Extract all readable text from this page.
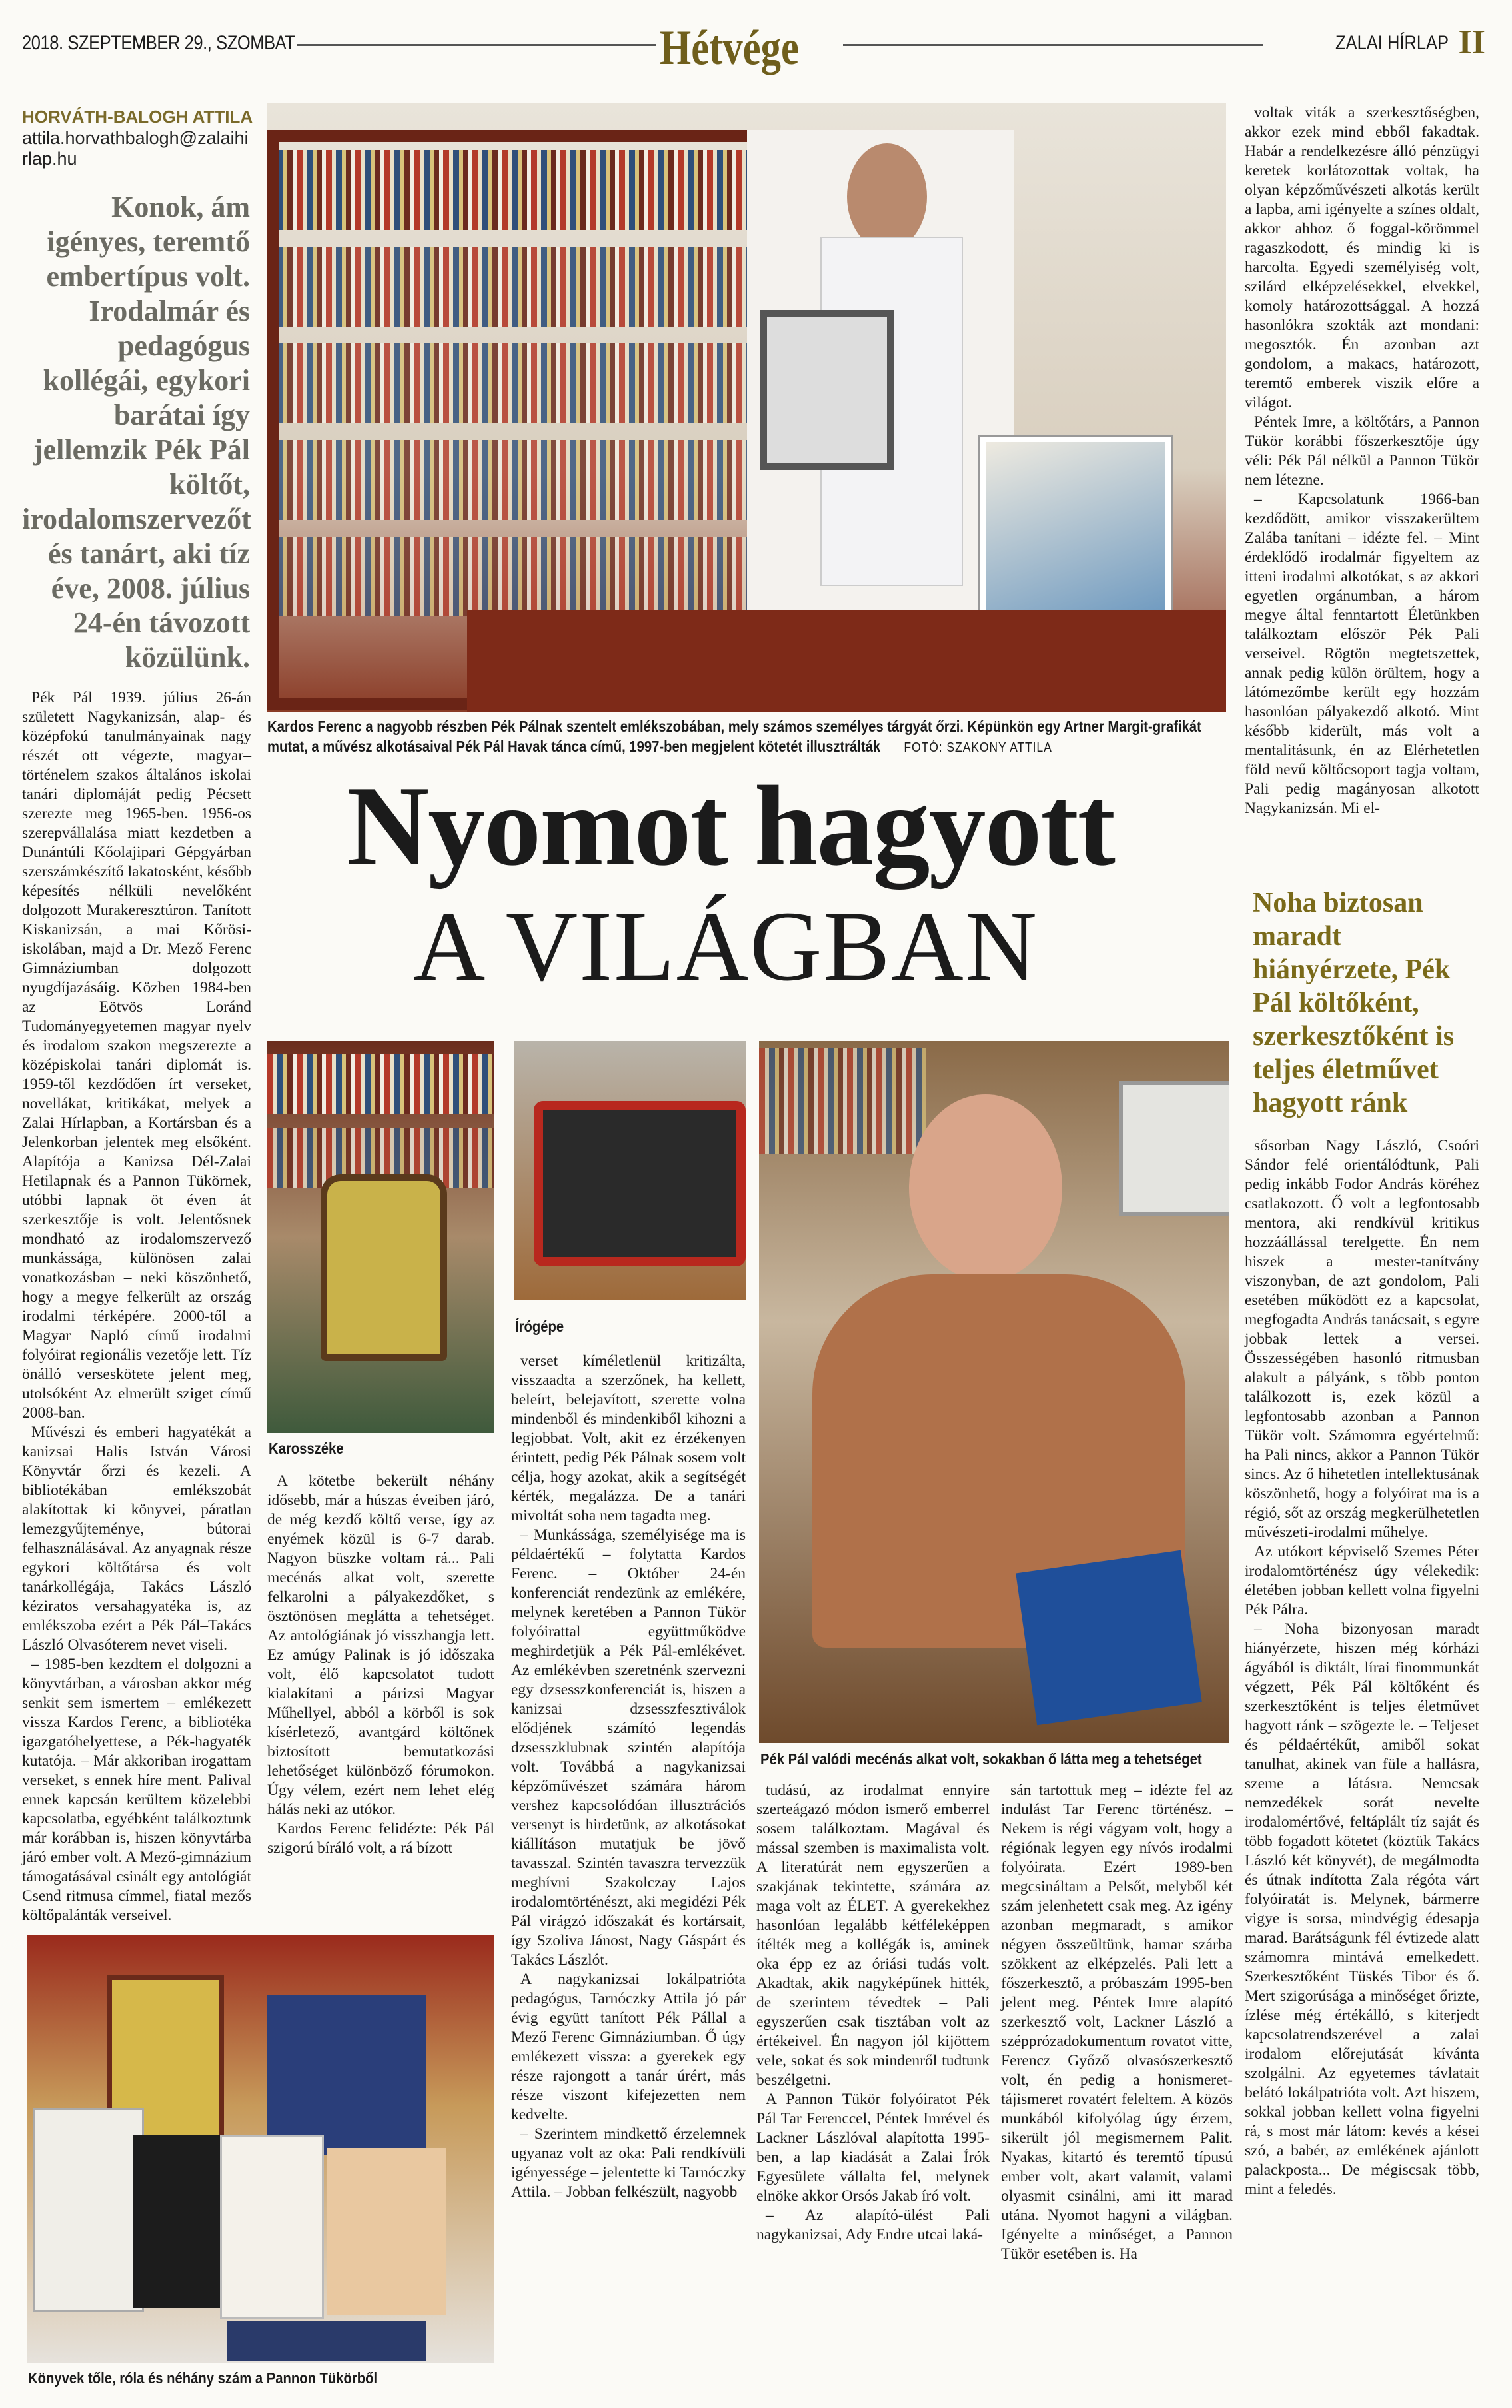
2018. SZEPTEMBER 29., SZOMBAT	Hétvége	ZALAI HÍRLAP II
HORVÁTH-BALOGH ATTILA
attila.horvathbalogh@zalaihirlap.hu
Konok, ám igényes, teremtő embertípus volt. Irodalmár és pedagógus kollégái, egykori barátai így jellemzik Pék Pál költőt, irodalomszervezőt és tanárt, aki tíz éve, 2008. július 24-én távozott közülünk.

Pék Pál 1939. július 26-án született Nagykanizsán, alap- és középfokú tanulmányainak nagy részét ott végezte, magyar–történelem szakos általános iskolai tanári diplomáját pedig Pécsett szerezte meg 1965-ben. 1956-os szerepvállalása miatt kezdetben a Dunántúli Kőolajipari Gépgyárban szerszámkészítő lakatosként, később képesítés nélküli nevelőként dolgozott Murakeresztúron. Tanított Kiskanizsán, a mai Kőrösi-iskolában, majd a Dr. Mező Ferenc Gimnáziumban dolgozott nyugdíjazásáig. Közben 1984-ben az Eötvös Loránd Tudományegyetemen magyar nyelv és irodalom szakon megszerezte a középiskolai tanári diplomát is. 1959-től kezdődően írt verseket, novellákat, kritikákat, melyek a Zalai Hírlapban, a Kortársban és a Jelenkorban jelentek meg elsőként. Alapítója a Kanizsa Dél-Zalai Hetilapnak és a Pannon Tükörnek, utóbbi lapnak öt éven át szerkesztője is volt. Jelentősnek mondható az irodalomszervező munkássága, különösen zalai vonatkozásban – neki köszönhető, hogy a megye felkerült az ország irodalmi térképére. 2000-től a Magyar Napló című irodalmi folyóirat regionális vezetője lett. Tíz önálló verseskötete jelent meg, utolsóként Az elmerült sziget című 2008-ban.

Művészi és emberi hagyatékát a kanizsai Halis István Városi Könyvtár őrzi és kezeli. A bibliotékában emlékszobát alakítottak ki könyvei, páratlan lemezgyűjteménye, bútorai felhasználásával. Az anyagnak része egykori költőtársa és volt tanárkollégája, Takács László kéziratos versahagyatéka is, az emlékszoba ezért a Pék Pál–Takács László Olvasóterem nevet viseli.

– 1985-ben kezdtem el dolgozni a könyvtárban, a városban akkor még senkit sem ismertem – emlékezett vissza Kardos Ferenc, a bibliotéka igazgatóhelyettese, a Pék-hagyaték kutatója. – Már akkoriban irogattam verseket, s ennek híre ment. Palival ennek kapcsán kerültem közelebbi kapcsolatba, egyébként találkoztunk már korábban is, hiszen könyvtárba járó ember volt. A Mező-gimnázium támogatásával csinált egy antológiát Csend ritmusa címmel, fiatal mezős költőpalánták verseivel.

Kardos Ferenc a nagyobb részben Pék Pálnak szentelt emlékszobában, mely számos személyes tárgyát őrzi. Képünkön egy Artner Margit-grafikát mutat, a művész alkotásaival Pék Pál Havak tánca című, 1997-ben megjelent kötetét illusztrálták FOTÓ: SZAKONY ATTILA
Nyomot hagyott
A VILÁGBAN

voltak viták a szerkesztőségben, akkor ezek mind ebből fakadtak. Habár a rendelkezésre álló pénzügyi keretek korlátozottak voltak, ha olyan képzőművészeti alkotás került a lapba, ami igényelte a színes oldalt, akkor ahhoz ő foggal-körömmel ragaszkodott, és mindig ki is harcolta. Egyedi személyiség volt, szilárd elképzelésekkel, elvekkel, komoly határozottsággal. A hozzá hasonlókra szokták azt mondani: megosztók. Én azonban azt gondolom, a makacs, határozott, teremtő emberek viszik előre a világot.

Péntek Imre, a költőtárs, a Pannon Tükör korábbi főszerkesztője úgy véli: Pék Pál nélkül a Pannon Tükör nem létezne.

– Kapcsolatunk 1966-ban kezdődött, amikor visszakerültem Zalába tanítani – idézte fel. – Mint érdeklődő irodalmár figyeltem az itteni irodalmi alkotókat, s az akkori egyetlen orgánumban, a három megye által fenntartott Életünkben találkoztam először Pék Pali verseivel. Rögtön megtetszettek, annak pedig külön örültem, hogy a látómezőmbe került egy hozzám hasonlóan pályakezdő alkotó. Mint később kiderült, más volt a mentalitásunk, én az Elérhetetlen föld nevű költőcsoport tagja voltam, Pali pedig magányosan alkotott Nagykanizsán. Mi el-

Noha biztosan maradt hiányérzete, Pék Pál költőként, szerkesztőként is teljes életművet hagyott ránk

sősorban Nagy László, Csoóri Sándor felé orientálódtunk, Pali pedig inkább Fodor András köréhez csatlakozott. Ő volt a legfontosabb mentora, aki rendkívül kritikus hozzáállással terelgette. Én nem hiszek a mester-tanítvány viszonyban, de azt gondolom, Pali esetében működött ez a kapcsolat, megfogadta András tanácsait, s egyre jobbak lettek a versei. Összességében hasonló ritmusban alakult a pályánk, s több ponton találkozott is, ezek közül a legfontosabb azonban a Pannon Tükör volt. Számomra egyértelmű: ha Pali nincs, akkor a Pannon Tükör sincs. Az ő hihetetlen intellektusának köszönhető, hogy a folyóirat ma is a régió, sőt az ország megkerülhetetlen művészeti-irodalmi műhelye.

Az utókort képviselő Szemes Péter irodalomtörténész úgy vélekedik: életében jobban kellett volna figyelni Pék Pálra.

– Noha bizonyosan maradt hiányérzete, hiszen még kórházi ágyából is diktált, lírai finommunkát végzett, Pék Pál költőként és szerkesztőként is teljes életművet hagyott ránk – szögezte le. – Teljeset és példaértékűt, amiből sokat tanulhat, akinek van füle a hallásra, szeme a látásra. Nemcsak nemzedékek sorát nevelte irodalomértővé, feltáplált tíz saját és több fogadott kötetet (köztük Takács László két könyvét), de megálmodta és útnak indította Zala régóta várt folyóiratát is. Melynek, bármerre vigye is sorsa, mindvégig édesapja marad. Barátságunk fél évtizede alatt számomra mintává emelkedett. Szerkesztőként Tüskés Tibor és ő. Mert szigorúsága a minőséget őrizte, ízlése még értékálló, s kiterjedt kapcsolatrendszerével a zalai irodalom előrejutását kívánta szolgálni. Az egyetemes távlatait belátó lokálpatrióta volt. Azt hiszem, sokkal jobban kellett volna figyelni rá, s most már látom: kevés a kései szó, a babér, az emlékének ajánlott palackposta... De mégiscsak több, mint a feledés.

Karosszéke

A kötetbe bekerült néhány idősebb, már a húszas éveiben járó, de még kezdő költő verse, így az enyémek közül is 6-7 darab. Nagyon büszke voltam rá... Pali mecénás alkat volt, szerette felkarolni a pályakezdőket, s ösztönösen meglátta a tehetséget. Az antológiának jó visszhangja lett. Ez amúgy Palinak is jó időszaka volt, élő kapcsolatot tudott kialakítani a párizsi Magyar Műhellyel, abból a körből is sok kísérletező, avantgárd költőnek biztosított bemutatkozási lehetőséget különböző fórumokon. Úgy vélem, ezért nem lehet elég hálás neki az utókor.

Kardos Ferenc felidézte: Pék Pál szigorú bíráló volt, a rá bízott

Írógépe

verset kíméletlenül kritizálta, visszaadta a szerzőnek, ha kellett, beleírt, belejavított, szerette volna mindenből és mindenkiből kihozni a legjobbat. Volt, akit ez érzékenyen érintett, pedig Pék Pálnak sosem volt célja, hogy azokat, akik a segítségét kérték, megalázza. De a tanári mivoltát soha nem tagadta meg.

– Munkássága, személyisége ma is példaértékű – folytatta Kardos Ferenc. – Október 24-én konferenciát rendezünk az emlékére, melynek keretében a Pannon Tükör folyóirattal együttműködve meghirdetjük a Pék Pál-emlékévet. Az emlékévben szeretnénk szervezni egy dzsesszkonferenciát is, hiszen a kanizsai dzsesszfesztiválok elődjének számító legendás dzsesszklubnak szintén alapítója volt. Továbbá a nagykanizsai képzőművészet számára három vershez kapcsolódóan illusztrációs versenyt is hirdetünk, az alkotásokat kiállításon mutatjuk be jövő tavasszal. Szintén tavaszra tervezzük meghívni Szakolczay Lajos irodalomtörténészt, aki megidézi Pék Pál virágzó időszakát és kortársait, így Szoliva Jánost, Nagy Gáspárt és Takács Lászlót.

A nagykanizsai lokálpatrióta pedagógus, Tarnóczky Attila jó pár évig együtt tanított Pék Pállal a Mező Ferenc Gimnáziumban. Ő úgy emlékezett vissza: a gyerekek egy része rajongott a tanár úrért, más része viszont kifejezetten nem kedvelte.

– Szerintem mindkettő érzelemnek ugyanaz volt az oka: Pali rendkívüli igényessége – jelentette ki Tarnóczky Attila. – Jobban felkészült, nagyobb

Pék Pál valódi mecénás alkat volt, sokakban ő látta meg a tehetséget

tudású, az irodalmat ennyire szerteágazó módon ismerő emberrel sosem találkoztam. Magával és mással szemben is maximalista volt. A literatúrát nem egyszerűen a szakjának tekintette, számára az maga volt az ÉLET. A gyerekekhez hasonlóan legalább kétféleképpen ítélték meg a kollégák is, aminek oka épp ez az óriási tudás volt. Akadtak, akik nagyképűnek hitték, de szerintem tévedtek – Pali egyszerűen csak tisztában volt az értékeivel. Én nagyon jól kijöttem vele, sokat és sok mindenről tudtunk beszélgetni.

A Pannon Tükör folyóiratot Pék Pál Tar Ferenccel, Péntek Imrével és Lackner Lászlóval alapította 1995-ben, a lap kiadását a Zalai Írók Egyesülete vállalta fel, melynek elnöke akkor Orsós Jakab író volt.

– Az alapító-ülést Pali nagykanizsai, Ady Endre utcai laká-

sán tartottuk meg – idézte fel az indulást Tar Ferenc történész. – Nekem is régi vágyam volt, hogy a régiónak legyen egy nívós irodalmi folyóirata. Ezért 1989-ben megcsináltam a Pelsőt, melyből két szám jelenhetett csak meg. Az igény azonban megmaradt, s amikor négyen összeültünk, hamar szárba szökkent az elképzelés. Pali lett a főszerkesztő, a próbaszám 1995-ben jelent meg. Péntek Imre alapító szerkesztő volt, Lackner László a szépprózadokumentum rovatot vitte, Ferencz Győző olvasószerkesztő volt, én pedig a honismeret-tájismeret rovatért feleltem. A közös munkából kifolyólag úgy érzem, sikerült jól megismernem Palit. Nyakas, kitartó és teremtő típusú ember volt, akart valamit, valami olyasmit csinálni, ami itt marad utána. Nyomot hagyni a világban. Igényelte a minőséget, a Pannon Tükör esetében is. Ha

Könyvek tőle, róla és néhány szám a Pannon Tükörből
